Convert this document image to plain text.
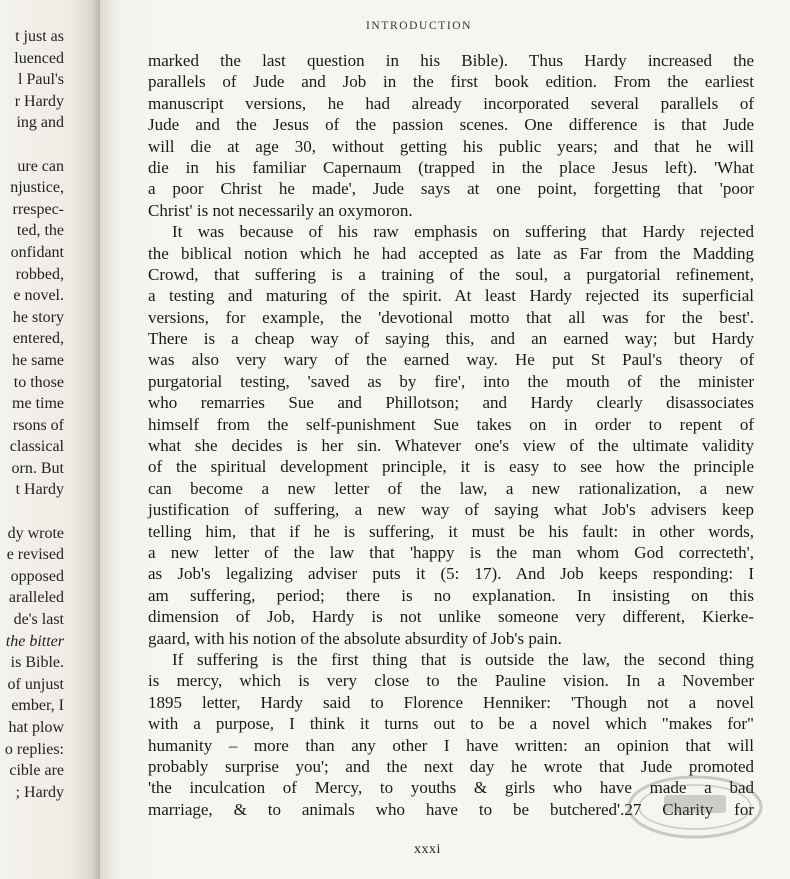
t just as
luenced
l Paul's
r Hardy
ing and
ure can
njustice,
rrespec-
ted, the
onfidant
robbed,
e novel.
he story
entered,
he same
to those
me time
rsons of
classical
orn. But
t Hardy
dy wrote
e revised
opposed
aralleled
de's last
the bitter
is Bible.
of unjust
ember, I
hat plow
o replies:
cible are
; Hardy
INTRODUCTION
marked the last question in his Bible). Thus Hardy increased the
parallels of Jude and Job in the first book edition. From the earliest
manuscript versions, he had already incorporated several parallels of
Jude and the Jesus of the passion scenes. One difference is that Jude
will die at age 30, without getting his public years; and that he will
die in his familiar Capernaum (trapped in the place Jesus left). 'What
a poor Christ he made', Jude says at one point, forgetting that 'poor
Christ' is not necessarily an oxymoron.
It was because of his raw emphasis on suffering that Hardy rejected
the biblical notion which he had accepted as late as Far from the Madding
Crowd, that suffering is a training of the soul, a purgatorial refinement,
a testing and maturing of the spirit. At least Hardy rejected its superficial
versions, for example, the 'devotional motto that all was for the best'.
There is a cheap way of saying this, and an earned way; but Hardy
was also very wary of the earned way. He put St Paul's theory of
purgatorial testing, 'saved as by fire', into the mouth of the minister
who remarries Sue and Phillotson; and Hardy clearly disassociates
himself from the self-punishment Sue takes on in order to repent of
what she decides is her sin. Whatever one's view of the ultimate validity
of the spiritual development principle, it is easy to see how the principle
can become a new letter of the law, a new rationalization, a new
justification of suffering, a new way of saying what Job's advisers keep
telling him, that if he is suffering, it must be his fault: in other words,
a new letter of the law that 'happy is the man whom God correcteth',
as Job's legalizing adviser puts it (5: 17). And Job keeps responding: I
am suffering, period; there is no explanation. In insisting on this
dimension of Job, Hardy is not unlike someone very different, Kierke-
gaard, with his notion of the absolute absurdity of Job's pain.
If suffering is the first thing that is outside the law, the second thing
is mercy, which is very close to the Pauline vision. In a November
1895 letter, Hardy said to Florence Henniker: 'Though not a novel
with a purpose, I think it turns out to be a novel which "makes for"
humanity – more than any other I have written: an opinion that will
probably surprise you'; and the next day he wrote that Jude promoted
'the inculcation of Mercy, to youths & girls who have made a bad
marriage, & to animals who have to be butchered'.27 Charity for
xxxi
